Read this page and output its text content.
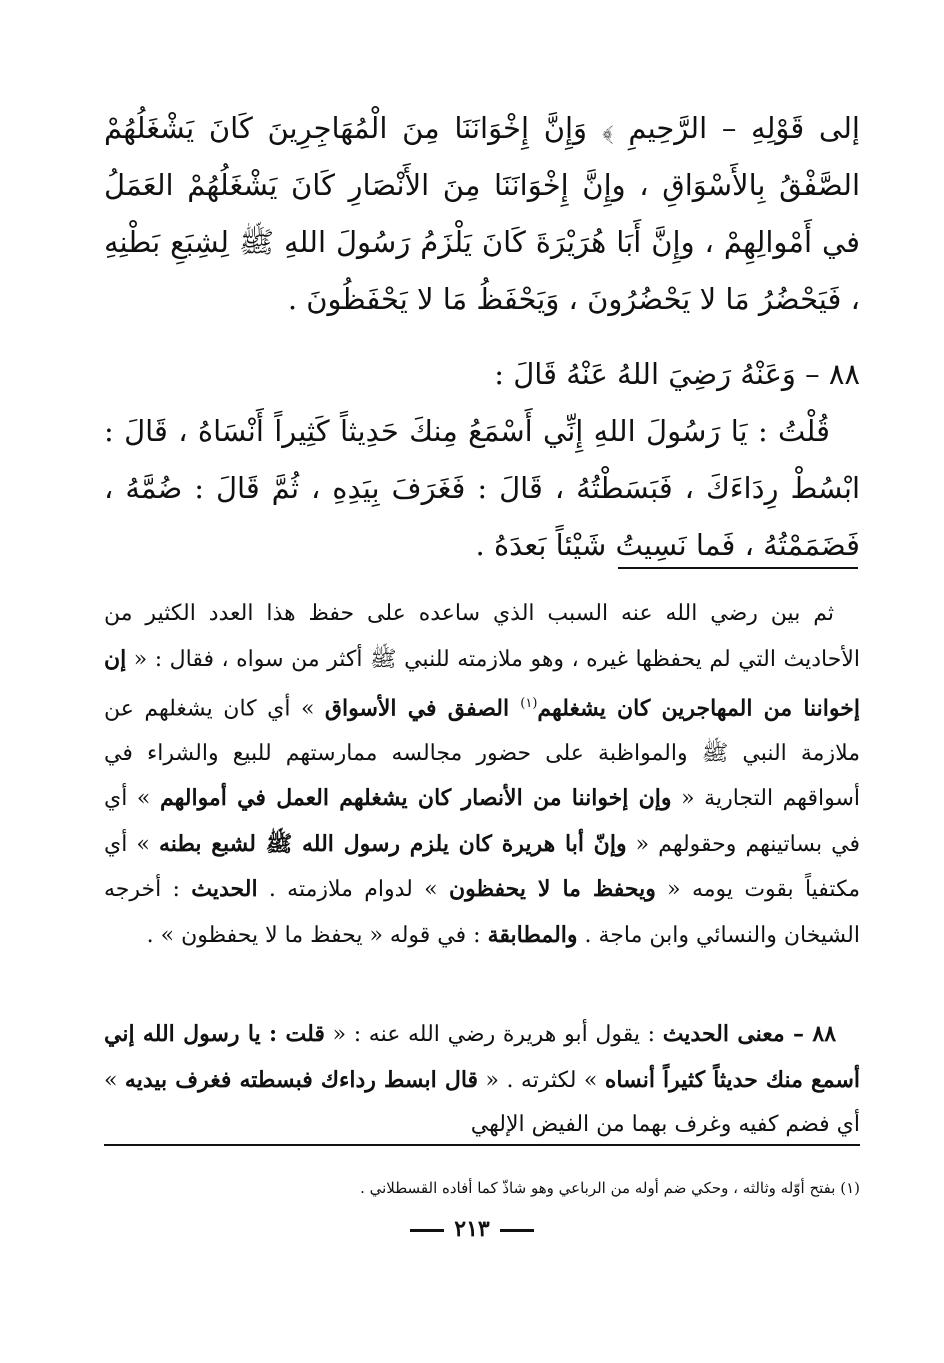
إلى قَوْلِهِ – الرَّحِيمِ ﴾ وَإِنَّ إِخْوَانَنَا مِنَ الْمُهَاجِرِينَ كَانَ يَشْغَلُهُمْ الصَّفْقُ بِالأَسْوَاقِ ، وإِنَّ إِخْوَانَنَا مِنَ الأَنْصَارِ كَانَ يَشْغَلُهُمْ العَمَلُ في أَمْوالِهِمْ ، وإِنَّ أَبَا هُرَيْرَةَ كَانَ يَلْزَمُ رَسُولَ اللهِ ﷺ لِشِبَعِ بَطْنِهِ ، فَيَحْضُرُ مَا لا يَحْضُرُونَ ، وَيَحْفَظُ مَا لا يَحْفَظُونَ .
٨٨ – وَعَنْهُ رَضِيَ اللهُ عَنْهُ قَالَ :
قُلْتُ : يَا رَسُولَ اللهِ إِنِّي أَسْمَعُ مِنكَ حَدِيثاً كَثِيراً أَنْسَاهُ ، قَالَ : ابْسُطْ رِدَاءَكَ ، فَبَسَطْتُهُ ، قَالَ : فَغَرَفَ بِيَدِهِ ، ثُمَّ قَالَ : ضُمَّهُ ، فَضَمَمْتُهُ ، فَما نَسِيتُ شَيْئاً بَعدَهُ .

ثم بين رضي الله عنه السبب الذي ساعده على حفظ هذا العدد الكثير من الأحاديث التي لم يحفظها غيره ، وهو ملازمته للنبي ﷺ أكثر من سواه ، فقال : « إن إخواننا من المهاجرين كان يشغلهم$^{(١)}$ الصفق في الأسواق » أي كان يشغلهم عن ملازمة النبي ﷺ والمواظبة على حضور مجالسه ممارستهم للبيع والشراء في أسواقهم التجارية « وإن إخواننا من الأنصار كان يشغلهم العمل في أموالهم » أي في بساتينهم وحقولهم « وإنّ أبا هريرة كان يلزم رسول الله ﷺ لشبع بطنه » أي مكتفياً بقوت يومه « ويحفظ ما لا يحفظون » لدوام ملازمته . الحديث : أخرجه الشيخان والنسائي وابن ماجة . والمطابقة : في قوله « يحفظ ما لا يحفظون » .

٨٨ – معنى الحديث : يقول أبو هريرة رضي الله عنه : « قلت : يا رسول الله إني أسمع منك حديثاً كثيراً أنساه » لكثرته . « قال ابسط رداءك فبسطته فغرف بيديه » أي فضم كفيه وغرف بهما من الفيض الإلهي
(١) بفتح أوّله وثالثه ، وحكي ضم أوله من الرباعي وهو شاذّ كما أفاده القسطلاني .
٢١٣
